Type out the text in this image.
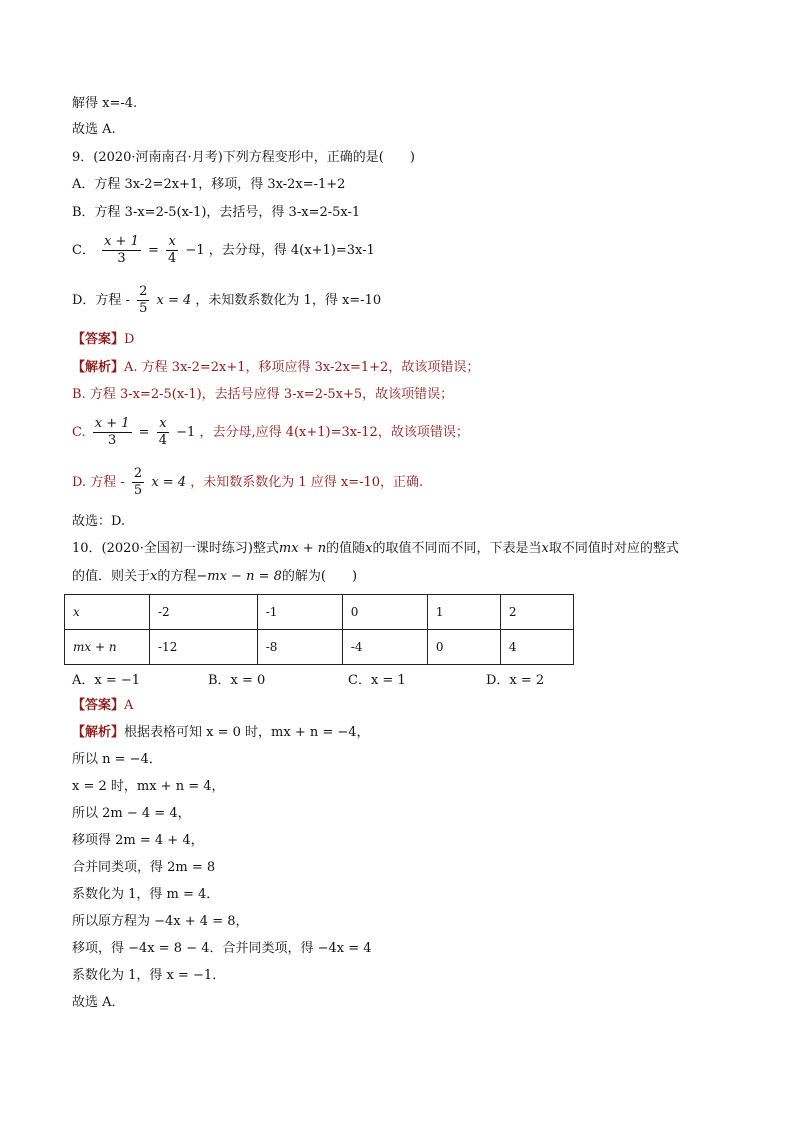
解得 x=-4.
故选 A.
9．(2020·河南南召·月考)下列方程变形中，正确的是(　　)
A．方程 3x-2=2x+1，移项，得 3x-2x=-1+2
B．方程 3-x=2-5(x-1)，去括号，得 3-x=2-5x-1
C． $\frac{x + 1}{3} = \frac{x}{4} -1$ ，去分母，得 4(x+1)=3x-1
D．方程 - $\frac{2}{5}$ x = 4 ，未知数系数化为 1，得 x=-10
【答案】D
【解析】A. 方程 3x-2=2x+1，移项应得 3x-2x=1+2，故该项错误；
B. 方程 3-x=2-5(x-1)，去括号应得 3-x=2-5x+5，故该项错误；
C. $\frac{x + 1}{3} = \frac{x}{4} -1$ ，去分母,应得 4(x+1)=3x-12，故该项错误；
D. 方程 - $\frac{2}{5}$ x = 4 ，未知数系数化为 1 应得 x=-10，正确.
故选：D.
10．(2020·全国初一课时练习)整式mx + n的值随x的取值不同而不同，下表是当x取不同值时对应的整式
的值．则关于x的方程−mx − n = 8的解为(　　)
x	-2	-1	0	1	2
mx + n	-12	-8	-4	0	4
A．x = −1	B．x = 0	C．x = 1	D．x = 2
【答案】A
【解析】根据表格可知 x = 0 时，mx + n = −4，
所以 n = −4．
x = 2 时，mx + n = 4，
所以 2m − 4 = 4，
移项得 2m = 4 + 4，
合并同类项，得 2m = 8
系数化为 1，得 m = 4．
所以原方程为 −4x + 4 = 8，
移项，得 −4x = 8 − 4．合并同类项，得 −4x = 4
系数化为 1，得 x = −1．
故选 A．
